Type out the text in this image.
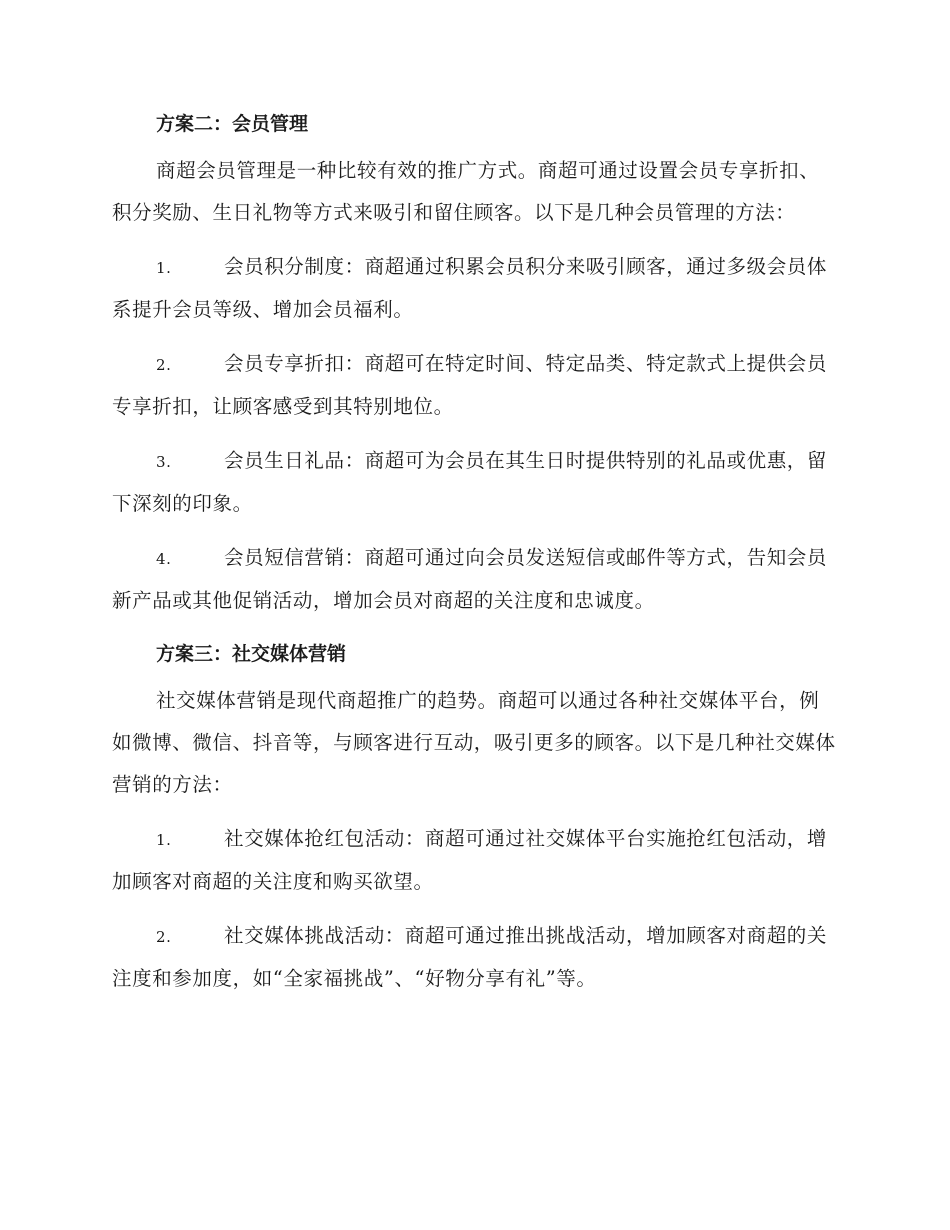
方案二：会员管理

商超会员管理是一种比较有效的推广方式。商超可通过设置会员专享折扣、积分奖励、生日礼物等方式来吸引和留住顾客。以下是几种会员管理的方法：

1.	会员积分制度：商超通过积累会员积分来吸引顾客，通过多级会员体系提升会员等级、增加会员福利。

2.	会员专享折扣：商超可在特定时间、特定品类、特定款式上提供会员专享折扣，让顾客感受到其特别地位。

3.	会员生日礼品：商超可为会员在其生日时提供特别的礼品或优惠，留下深刻的印象。

4.	会员短信营销：商超可通过向会员发送短信或邮件等方式，告知会员新产品或其他促销活动，增加会员对商超的关注度和忠诚度。

方案三：社交媒体营销

社交媒体营销是现代商超推广的趋势。商超可以通过各种社交媒体平台，例如微博、微信、抖音等，与顾客进行互动，吸引更多的顾客。以下是几种社交媒体营销的方法：

1.	社交媒体抢红包活动：商超可通过社交媒体平台实施抢红包活动，增加顾客对商超的关注度和购买欲望。

2.	社交媒体挑战活动：商超可通过推出挑战活动，增加顾客对商超的关注度和参加度，如“全家福挑战”、“好物分享有礼”等。
